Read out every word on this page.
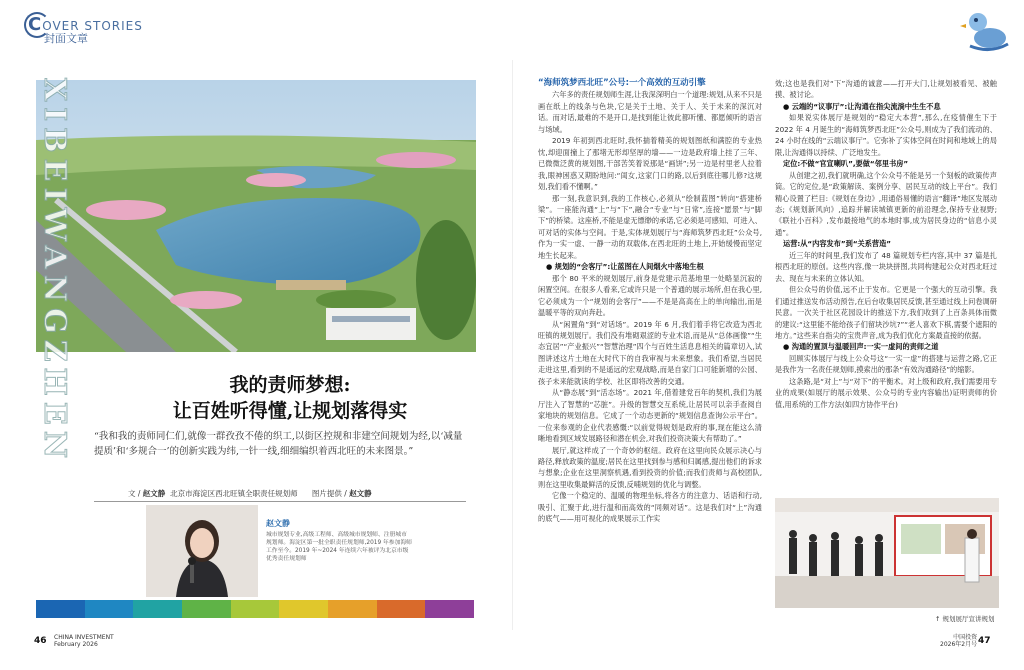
COVER STORIES
封面文章
XIBEIWANGZHEN	我的责师梦想:
让百姓听得懂,让规划落得实
“我和我的责师同仁们,就像一群孜孜不倦的织工,以街区控规和非建空间规划为经,以‘减量提质’和‘多规合一’的创新实践为纬,一针一线,细细编织着西北旺的未来图景。”
文 / 赵文静 北京市海淀区西北旺镇全职责任规划师 图片提供 / 赵文静
赵文静
城市规划专业,高级工程师、高级城市规划师、注册城市规划师。海淀区第一批全职责任规划师,2019 年参加海师工作至今。2019 年~2024 年连续六年被评为北京市级优秀责任规划师
“海师筑梦西北旺”公号:一个高效的互动引擎

六年多的责任规划师生涯,让我深深明白一个道理:规划,从来不只是画在纸上的线条与色块,它是关于土地、关于人、关于未来的深沉对话。而对话,最难的不是开口,是找到能让彼此都听懂、都愿倾听的语言与场域。

2019 年初到西北旺时,我怀揣着精美的规划图纸和满腔的专业热忱,却迎面撞上了那堵无形却坚厚的墙——一边是政府墙上挂了三年、已微微泛黄的规划图,干部苦笑着说那是“画饼”;另一边是村里老人拉着我,眼神困惑又期盼地问:“闺女,这家门口的路,以后到底往哪儿修?这规划,我们看不懂啊。”

那一刻,我意识到,我的工作核心,必须从“绘制蓝图”转向“搭建桥梁”。一座能沟通“上”与“下”,融合“专业”与“日常”,连接“愿景”与“脚下”的桥梁。这座桥,不能是虚无缥缈的承诺,它必须是可感知、可进入、可对话的实体与空间。于是,实体规划展厅与“海师筑梦西北旺”公众号,作为一实一虚、一静一动的双载体,在西北旺的土地上,开始缓慢而坚定地生长起来。

● 规划的“会客厅”:让蓝图在人间烟火中落地生根

那个 80 平米的规划展厅,前身是党建示范基地里一处略显沉寂的闲置空间。在很多人看来,它或许只是一个普通的展示场所,但在我心里,它必须成为一个“规划的会客厅”——不是是高高在上的单向输出,而是温暖平等的双向奔赴。

从“闲置角”到“对话场”。2019 年 6 月,我们着手将它改造为西北旺镇的规划展厅。我们没有堆砌艰涩的专业术语,而是从“总体画像”“生态宜居”“产业振兴”“智慧治理”四个与百姓生活息息相关的篇章切入,试图讲述这片土地在大时代下的自我审视与未来想象。我们希望,当居民走进这里,看到的不是遥远的宏观战略,而是自家门口可能新增的公园、孩子未来能就读的学校、社区即将改善的交通。

从“静态展”到“活态场”。2021 年,借着建党百年的契机,我们为展厅注入了智慧的“芯脏”。升级的智慧交互系统,让居民可以亲手查阅自家地块的规划信息。它成了一个动态更新的“规划信息查询公示平台”。一位来参观的企业代表感慨:“以前觉得规划是政府的事,现在能这么清晰地看到区域发展路径和潜在机会,对我们投资决策大有帮助了。”

展厅,就这样成了一个奇妙的枢纽。政府在这里向民众展示决心与路径,释放政策的温度;居民在这里找到参与感和归属感,提出他们的诉求与想象;企业在这里洞察机遇,看到投资的价值;而我们责师与高校团队,则在这里收集最鲜活的反馈,反哺规划的优化与调整。

它像一个稳定的、温暖的物理坐标,将各方的注意力、话语和行动,吸引、汇聚于此,进行温和而高效的“同频对话”。这是我们对“上”沟通的底气——用可视化的成果展示工作实

效;这也是我们对“下”沟通的诚意——打开大门,让规划被看见、被触摸、被讨论。

● 云端的“议事厅”:让沟通在指尖流淌中生生不息

如果说实体展厅是规划的“稳定大本营”,那么,在疫情催生下于 2022 年 4 月诞生的“海师筑梦西北旺”公众号,则成为了我们流动的、24 小时在线的“云端议事厅”。它弥补了实体空间在时间和地域上的局限,让沟通得以持续、广泛地发生。

定位:不做“官宣喇叭”,要做“邻里书房”

从创建之初,我们就明确,这个公众号不能是另一个刻板的政策传声筒。它的定位,是“政策解读、案例分享、居民互动的线上平台”。我们精心设置了栏目:《规划在身边》,用通俗易懂的语言“翻译”地区发展动态;《规划新风向》,追踪并解读城镇更新的前沿理念,保持专业视野;《联社小百科》,发布最接地气的本地时事,成为居民身边的“信息小灵通”。

运营:从“内容发布”到“关系营造”

近三年的时间里,我们发布了 48 篇规划专栏内容,其中 37 篇是扎根西北旺的原创。这些内容,像一块块拼图,共同构建起公众对西北旺过去、现在与未来的立体认知。

但公众号的价值,远不止于发布。它更是一个强大的互动引擎。我们通过推送发布活动预告,在后台收集居民反馈,甚至通过线上问卷调研民意。一次关于社区花园设计的推送下方,我们收到了上百条具体而微的建议:“这里能不能给孩子们留块沙坑?”“老人喜欢下棋,需要个遮阳的地方。”这些来自指尖的宝贵声音,成为我们优化方案最直接的依据。

● 沟通的置顶与温暖回声:一实一虚间的责师之道

回顾实体展厅与线上公众号这“一实一虚”的搭建与运营之路,它正是我作为一名责任规划师,摸索出的那条“有效沟通路径”的缩影。

这条路,是“对上”与“对下”的平衡术。对上级和政府,我们需要用专业的成果(如展厅的展示效果、公众号的专业内容输出)证明责师的价值,用系统的工作方法(如四方协作平台)

↑ 规划展厅宣讲规划
46 CHINA INVESTMENT
February 2026
中国投资
2026年2月号 47
